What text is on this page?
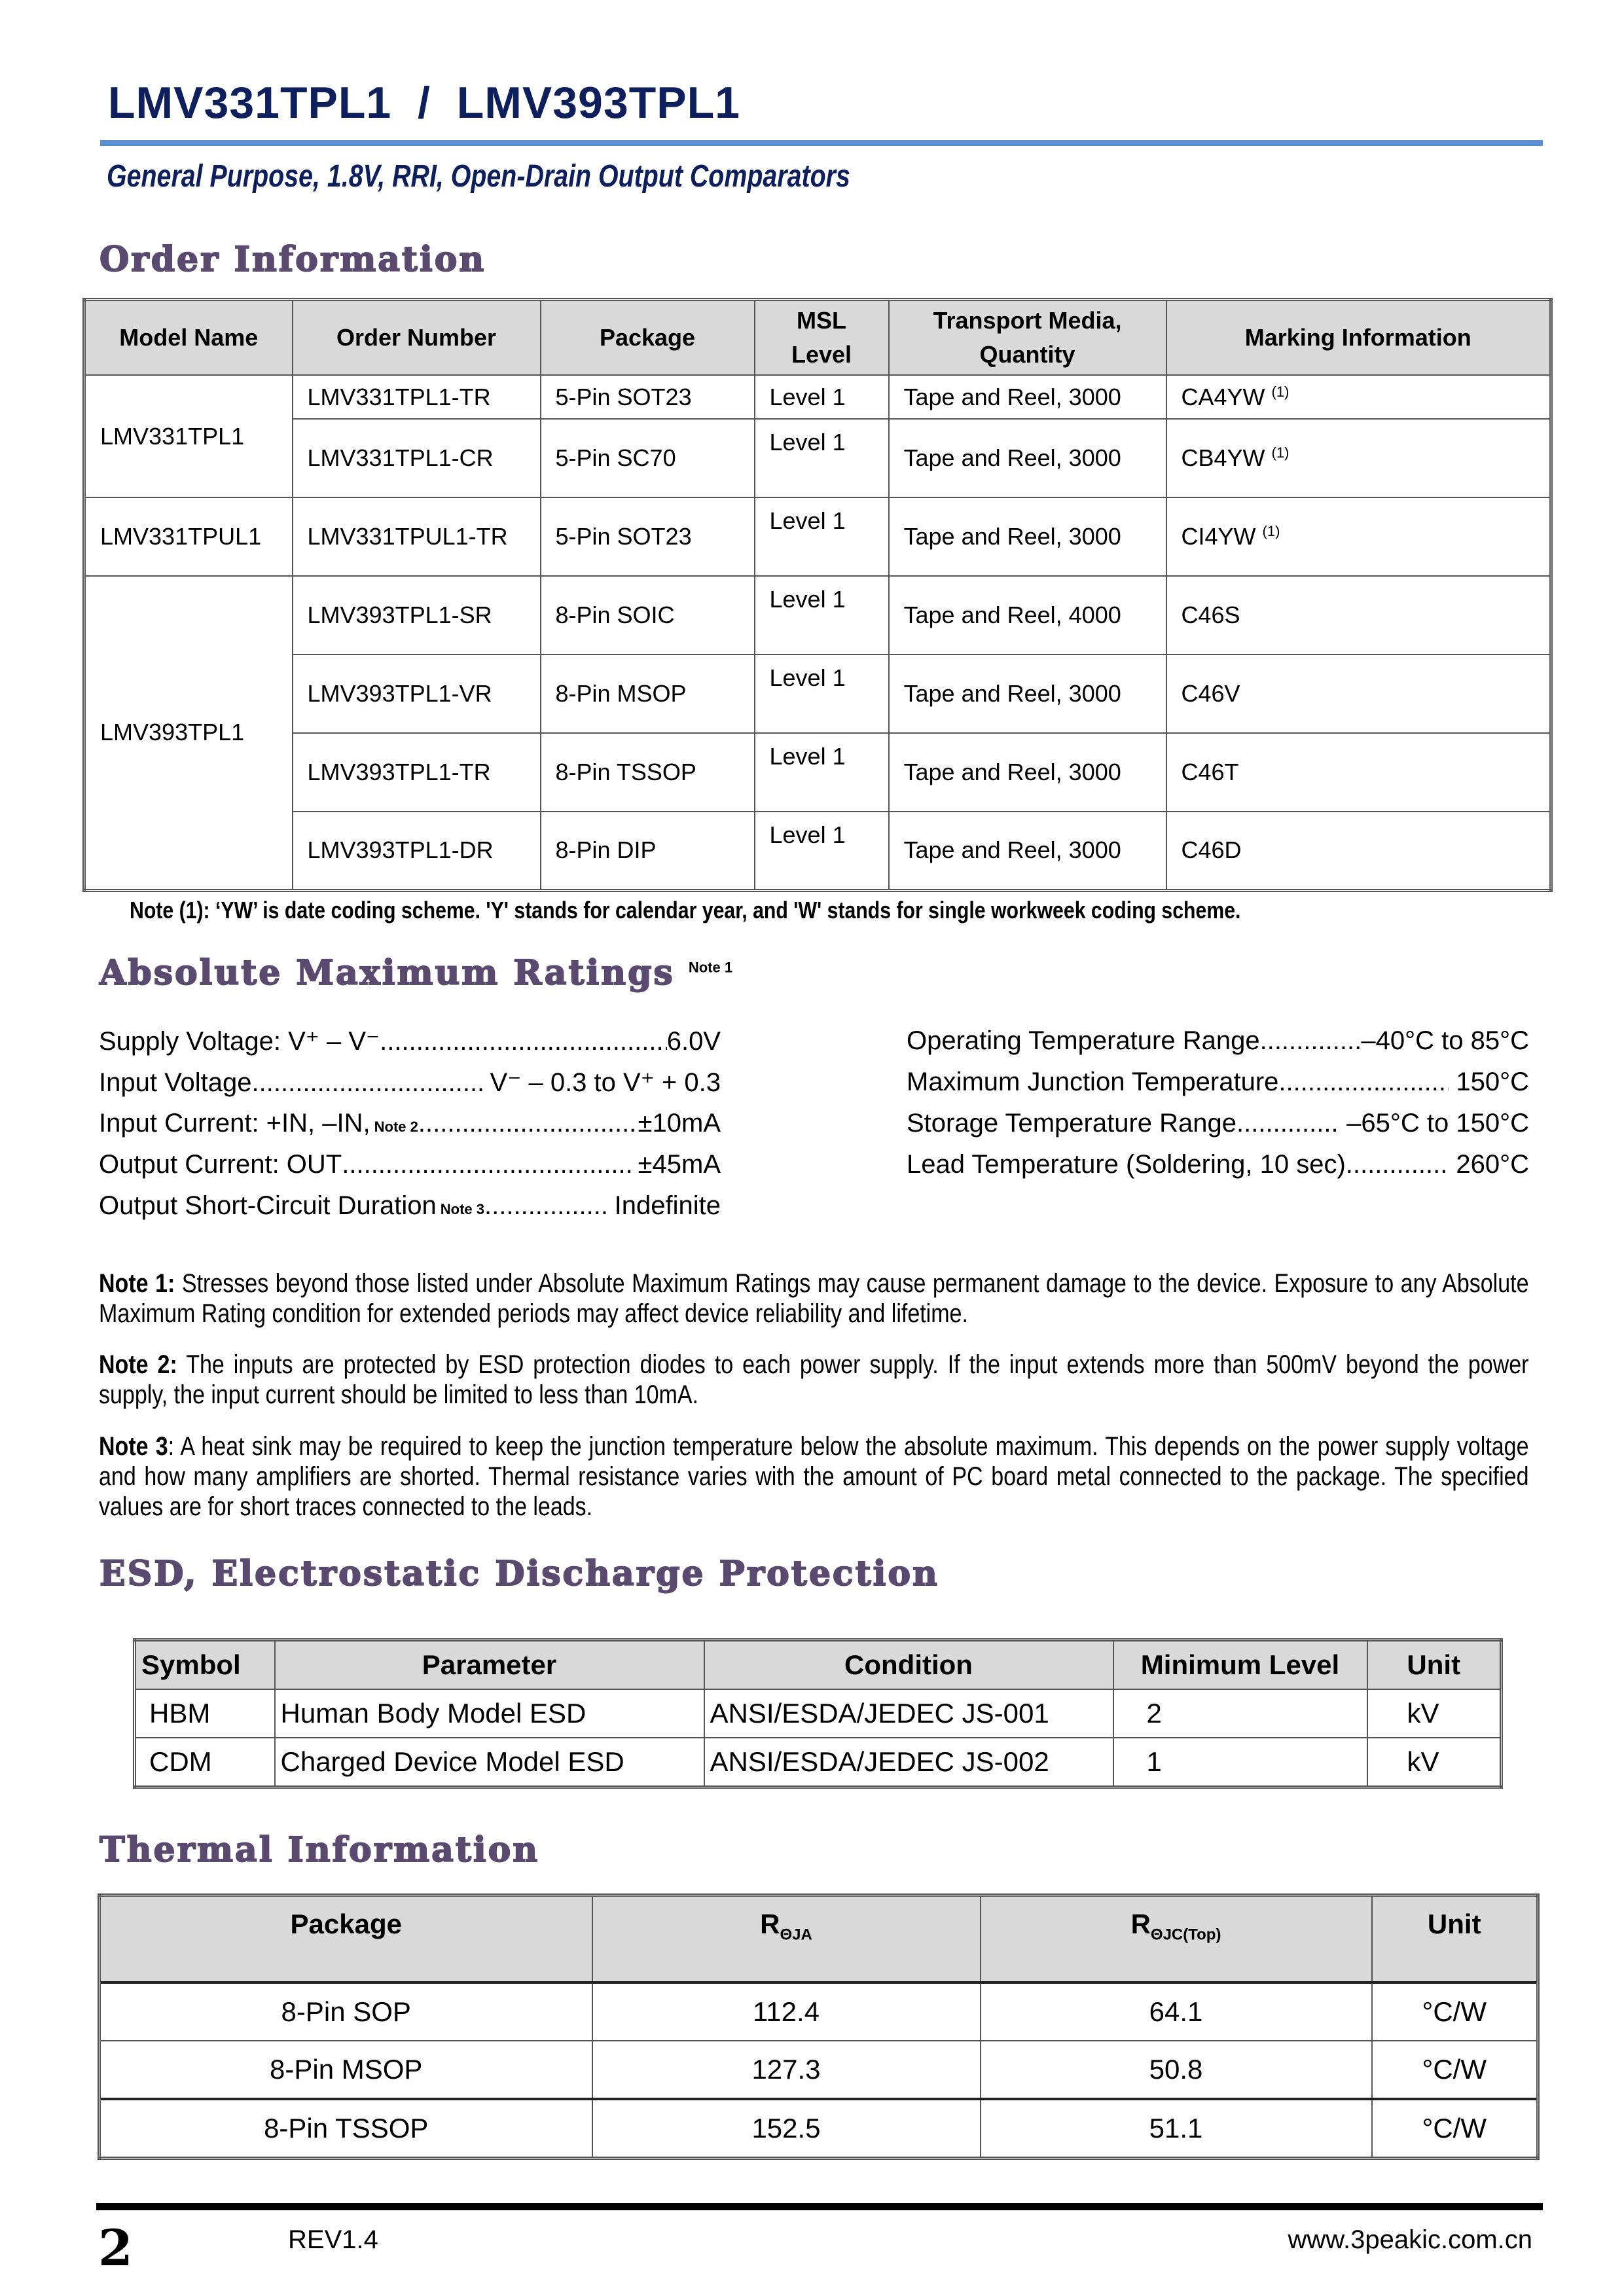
LMV331TPL1  /  LMV393TPL1
General Purpose, 1.8V, RRI, Open-Drain Output Comparators
Order Information
Model Name	Order Number	Package	MSL Level	Transport Media, Quantity	Marking Information
LMV331TPL1	LMV331TPL1-TR	5-Pin SOT23	Level 1	Tape and Reel, 3000	CA4YW $^{(1)}$
	LMV331TPL1-CR	5-Pin SC70	Level 1	Tape and Reel, 3000	CB4YW $^{(1)}$
LMV331TPUL1	LMV331TPUL1-TR	5-Pin SOT23	Level 1	Tape and Reel, 3000	CI4YW $^{(1)}$
LMV393TPL1	LMV393TPL1-SR	8-Pin SOIC	Level 1	Tape and Reel, 4000	C46S
	LMV393TPL1-VR	8-Pin MSOP	Level 1	Tape and Reel, 3000	C46V
	LMV393TPL1-TR	8-Pin TSSOP	Level 1	Tape and Reel, 3000	C46T
	LMV393TPL1-DR	8-Pin DIP	Level 1	Tape and Reel, 3000	C46D
Note (1): ‘YW’ is date coding scheme. 'Y' stands for calendar year, and 'W' stands for single workweek coding scheme.
Absolute Maximum Ratings $^{Note 1}$
Supply Voltage: V⁺ – V⁻ .....	6.0V
Input Voltage .....	V⁻ – 0.3 to V⁺ + 0.3
Input Current: +IN, –IN, Note 2 .....	±10mA
Output Current: OUT .....	±45mA
Output Short-Circuit Duration Note 3 .....	Indefinite
Operating Temperature Range .....	–40°C to 85°C
Maximum Junction Temperature .....	150°C
Storage Temperature Range .....	–65°C to 150°C
Lead Temperature (Soldering, 10 sec) .....	260°C
Note 1: Stresses beyond those listed under Absolute Maximum Ratings may cause permanent damage to the device. Exposure to any Absolute Maximum Rating condition for extended periods may affect device reliability and lifetime.
Note 2: The inputs are protected by ESD protection diodes to each power supply. If the input extends more than 500mV beyond the power supply, the input current should be limited to less than 10mA.
Note 3: A heat sink may be required to keep the junction temperature below the absolute maximum. This depends on the power supply voltage and how many amplifiers are shorted. Thermal resistance varies with the amount of PC board metal connected to the package. The specified values are for short traces connected to the leads.
ESD, Electrostatic Discharge Protection
Symbol	Parameter	Condition	Minimum Level	Unit
HBM	Human Body Model ESD	ANSI/ESDA/JEDEC JS-001	2	kV
CDM	Charged Device Model ESD	ANSI/ESDA/JEDEC JS-002	1	kV
Thermal Information
Package	$R_{\Theta JA}$	$R_{\Theta JC(Top)}$	Unit
8-Pin SOP	112.4	64.1	°C/W
8-Pin MSOP	127.3	50.8	°C/W
8-Pin TSSOP	152.5	51.1	°C/W
2	REV1.4	www.3peakic.com.cn
